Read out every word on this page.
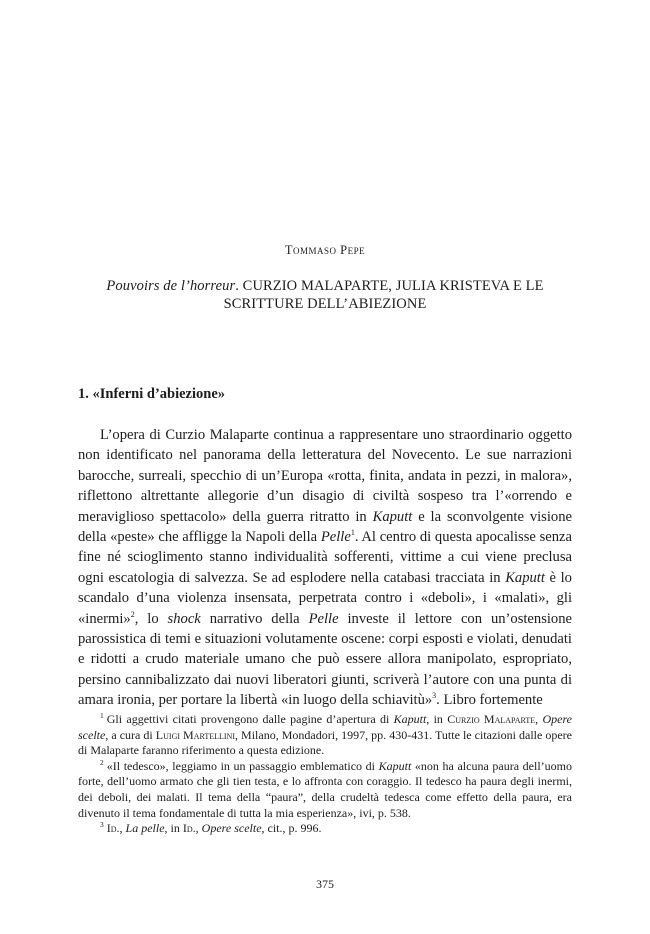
Tommaso Pepe
Pouvoirs de l’horreur. CURZIO MALAPARTE, JULIA KRISTEVA E LE SCRITTURE DELL’ABIEZIONE
1. «Inferni d’abiezione»

L’opera di Curzio Malaparte continua a rappresentare uno straordinario oggetto non identificato nel panorama della letteratura del Novecento. Le sue narrazioni barocche, surreali, specchio di un’Europa «rotta, finita, andata in pezzi, in malora», riflettono altrettante allegorie d’un disagio di civiltà sospeso tra l’«orrendo e meraviglioso spettacolo» della guerra ritratto in Kaputt e la sconvolgente visione della «peste» che affligge la Napoli della Pelle$^1$. Al centro di questa apocalisse senza fine né scioglimento stanno individualità sofferenti, vittime a cui viene preclusa ogni escatologia di salvezza. Se ad esplodere nella catabasi tracciata in Kaputt è lo scandalo d’una violenza insensata, perpetrata contro i «deboli», i «malati», gli «inermi»$^2$, lo shock narrativo della Pelle investe il lettore con un’ostensione parossistica di temi e situazioni volutamente oscene: corpi esposti e violati, denudati e ridotti a crudo materiale umano che può essere allora manipolato, espropriato, persino cannibalizzato dai nuovi liberatori giunti, scriverà l’autore con una punta di amara ironia, per portare la libertà «in luogo della schiavitù»$^3$. Libro fortemente

$^1$ Gli aggettivi citati provengono dalle pagine d’apertura di Kaputt, in Curzio Malaparte, Opere scelte, a cura di Luigi Martellini, Milano, Mondadori, 1997, pp. 430-431. Tutte le citazioni dalle opere di Malaparte faranno riferimento a questa edizione.

$^2$ «Il tedesco», leggiamo in un passaggio emblematico di Kaputt «non ha alcuna paura dell’uomo forte, dell’uomo armato che gli tien testa, e lo affronta con coraggio. Il tedesco ha paura degli inermi, dei deboli, dei malati. Il tema della “paura”, della crudeltà tedesca come effetto della paura, era divenuto il tema fondamentale di tutta la mia esperienza», ivi, p. 538.

$^3$ Id., La pelle, in Id., Opere scelte, cit., p. 996.

375
